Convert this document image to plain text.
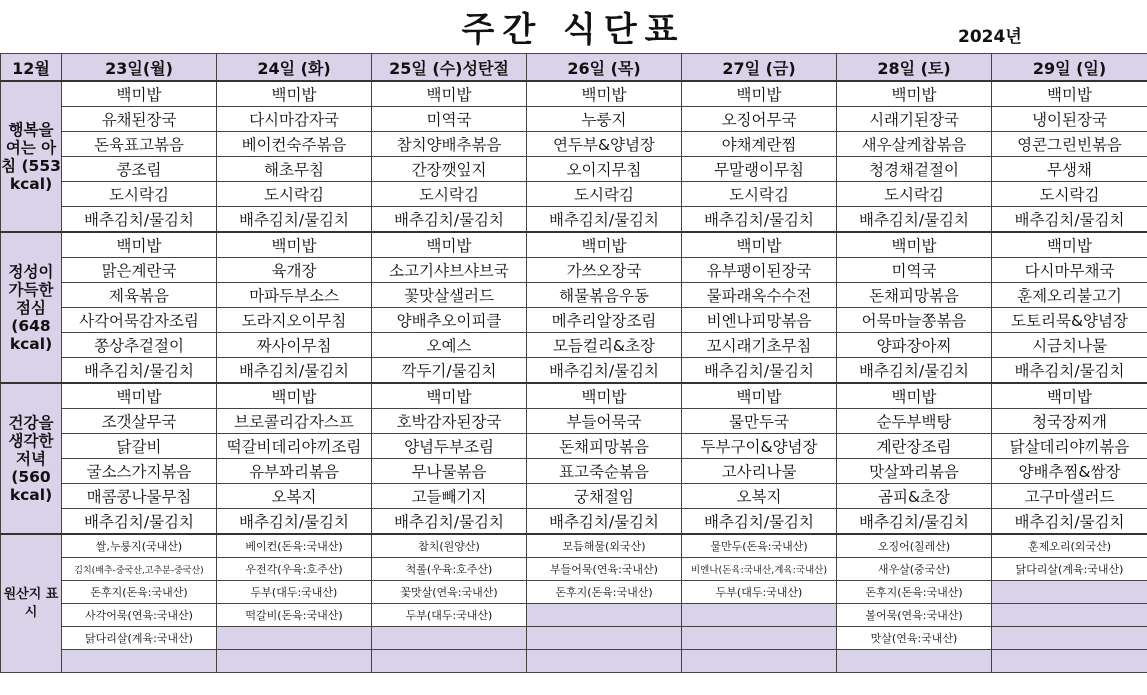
주간 식단표	2024년
12월	23일(월)	24일 (화)	25일 (수)성탄절	26일 (목)	27일 (금)	28일 (토)	29일 (일)
행복을 여는 아침 (553 kcal)	백미밥	백미밥	백미밥	백미밥	백미밥	백미밥	백미밥
	유채된장국	다시마감자국	미역국	누룽지	오징어무국	시래기된장국	냉이된장국
	돈육표고볶음	베이컨숙주볶음	참치양배추볶음	연두부&양념장	야채계란찜	새우살케찹볶음	영콘그린빈볶음
	콩조림	해초무침	간장깻잎지	오이지무침	무말랭이무침	청경채겉절이	무생채
	도시락김	도시락김	도시락김	도시락김	도시락김	도시락김	도시락김
	배추김치/물김치	배추김치/물김치	배추김치/물김치	배추김치/물김치	배추김치/물김치	배추김치/물김치	배추김치/물김치
정성이 가득한 점심 (648 kcal)	백미밥	백미밥	백미밥	백미밥	백미밥	백미밥	백미밥
	맑은계란국	육개장	소고기샤브샤브국	가쓰오장국	유부팽이된장국	미역국	다시마무채국
	제육볶음	마파두부소스	꽃맛살샐러드	해물볶음우동	물파래옥수수전	돈채피망볶음	훈제오리불고기
	사각어묵감자조림	도라지오이무침	양배추오이피클	메추리알장조림	비엔나피망볶음	어묵마늘쫑볶음	도토리묵&양념장
	쫑상추겉절이	짜사이무침	오예스	모듬컬리&초장	꼬시래기초무침	양파장아찌	시금치나물
	배추김치/물김치	배추김치/물김치	깍두기/물김치	배추김치/물김치	배추김치/물김치	배추김치/물김치	배추김치/물김치
건강을 생각한 저녁 (560 kcal)	백미밥	백미밥	백미밥	백미밥	백미밥	백미밥	백미밥
	조갯살무국	브로콜리감자스프	호박감자된장국	부들어묵국	물만두국	순두부백탕	청국장찌개
	닭갈비	떡갈비데리야끼조림	양념두부조림	돈채피망볶음	두부구이&양념장	계란장조림	닭살데리야끼볶음
	굴소스가지볶음	유부꽈리볶음	무나물볶음	표고죽순볶음	고사리나물	맛살꽈리볶음	양배추찜&쌈장
	매콤콩나물무침	오복지	고들빼기지	궁채절임	오복지	곰피&초장	고구마샐러드
	배추김치/물김치	배추김치/물김치	배추김치/물김치	배추김치/물김치	배추김치/물김치	배추김치/물김치	배추김치/물김치
원산지 표시	쌀,누룽지(국내산)	베이컨(돈육:국내산)	참치(원양산)	모듬해물(외국산)	물만두(돈육:국내산)	오징어(칠레산)	훈제오리(외국산)
	김치(배추-중국산,고추분-중국산)	우전각(우육:호주산)	척롤(우육:호주산)	부들어묵(연육:국내산)	비엔나(돈육:국내산,계육:국내산)	새우살(중국산)	닭다리살(계육:국내산)
	돈후지(돈육:국내산)	두부(대두:국내산)	꽃맛살(연육:국내산)	돈후지(돈육:국내산)	두부(대두:국내산)	돈후지(돈육:국내산)	
	사각어묵(연육:국내산)	떡갈비(돈육:국내산)	두부(대두:국내산)			볼어묵(연육:국내산)	
	닭다리살(계육:국내산)					맛살(연육:국내산)	
